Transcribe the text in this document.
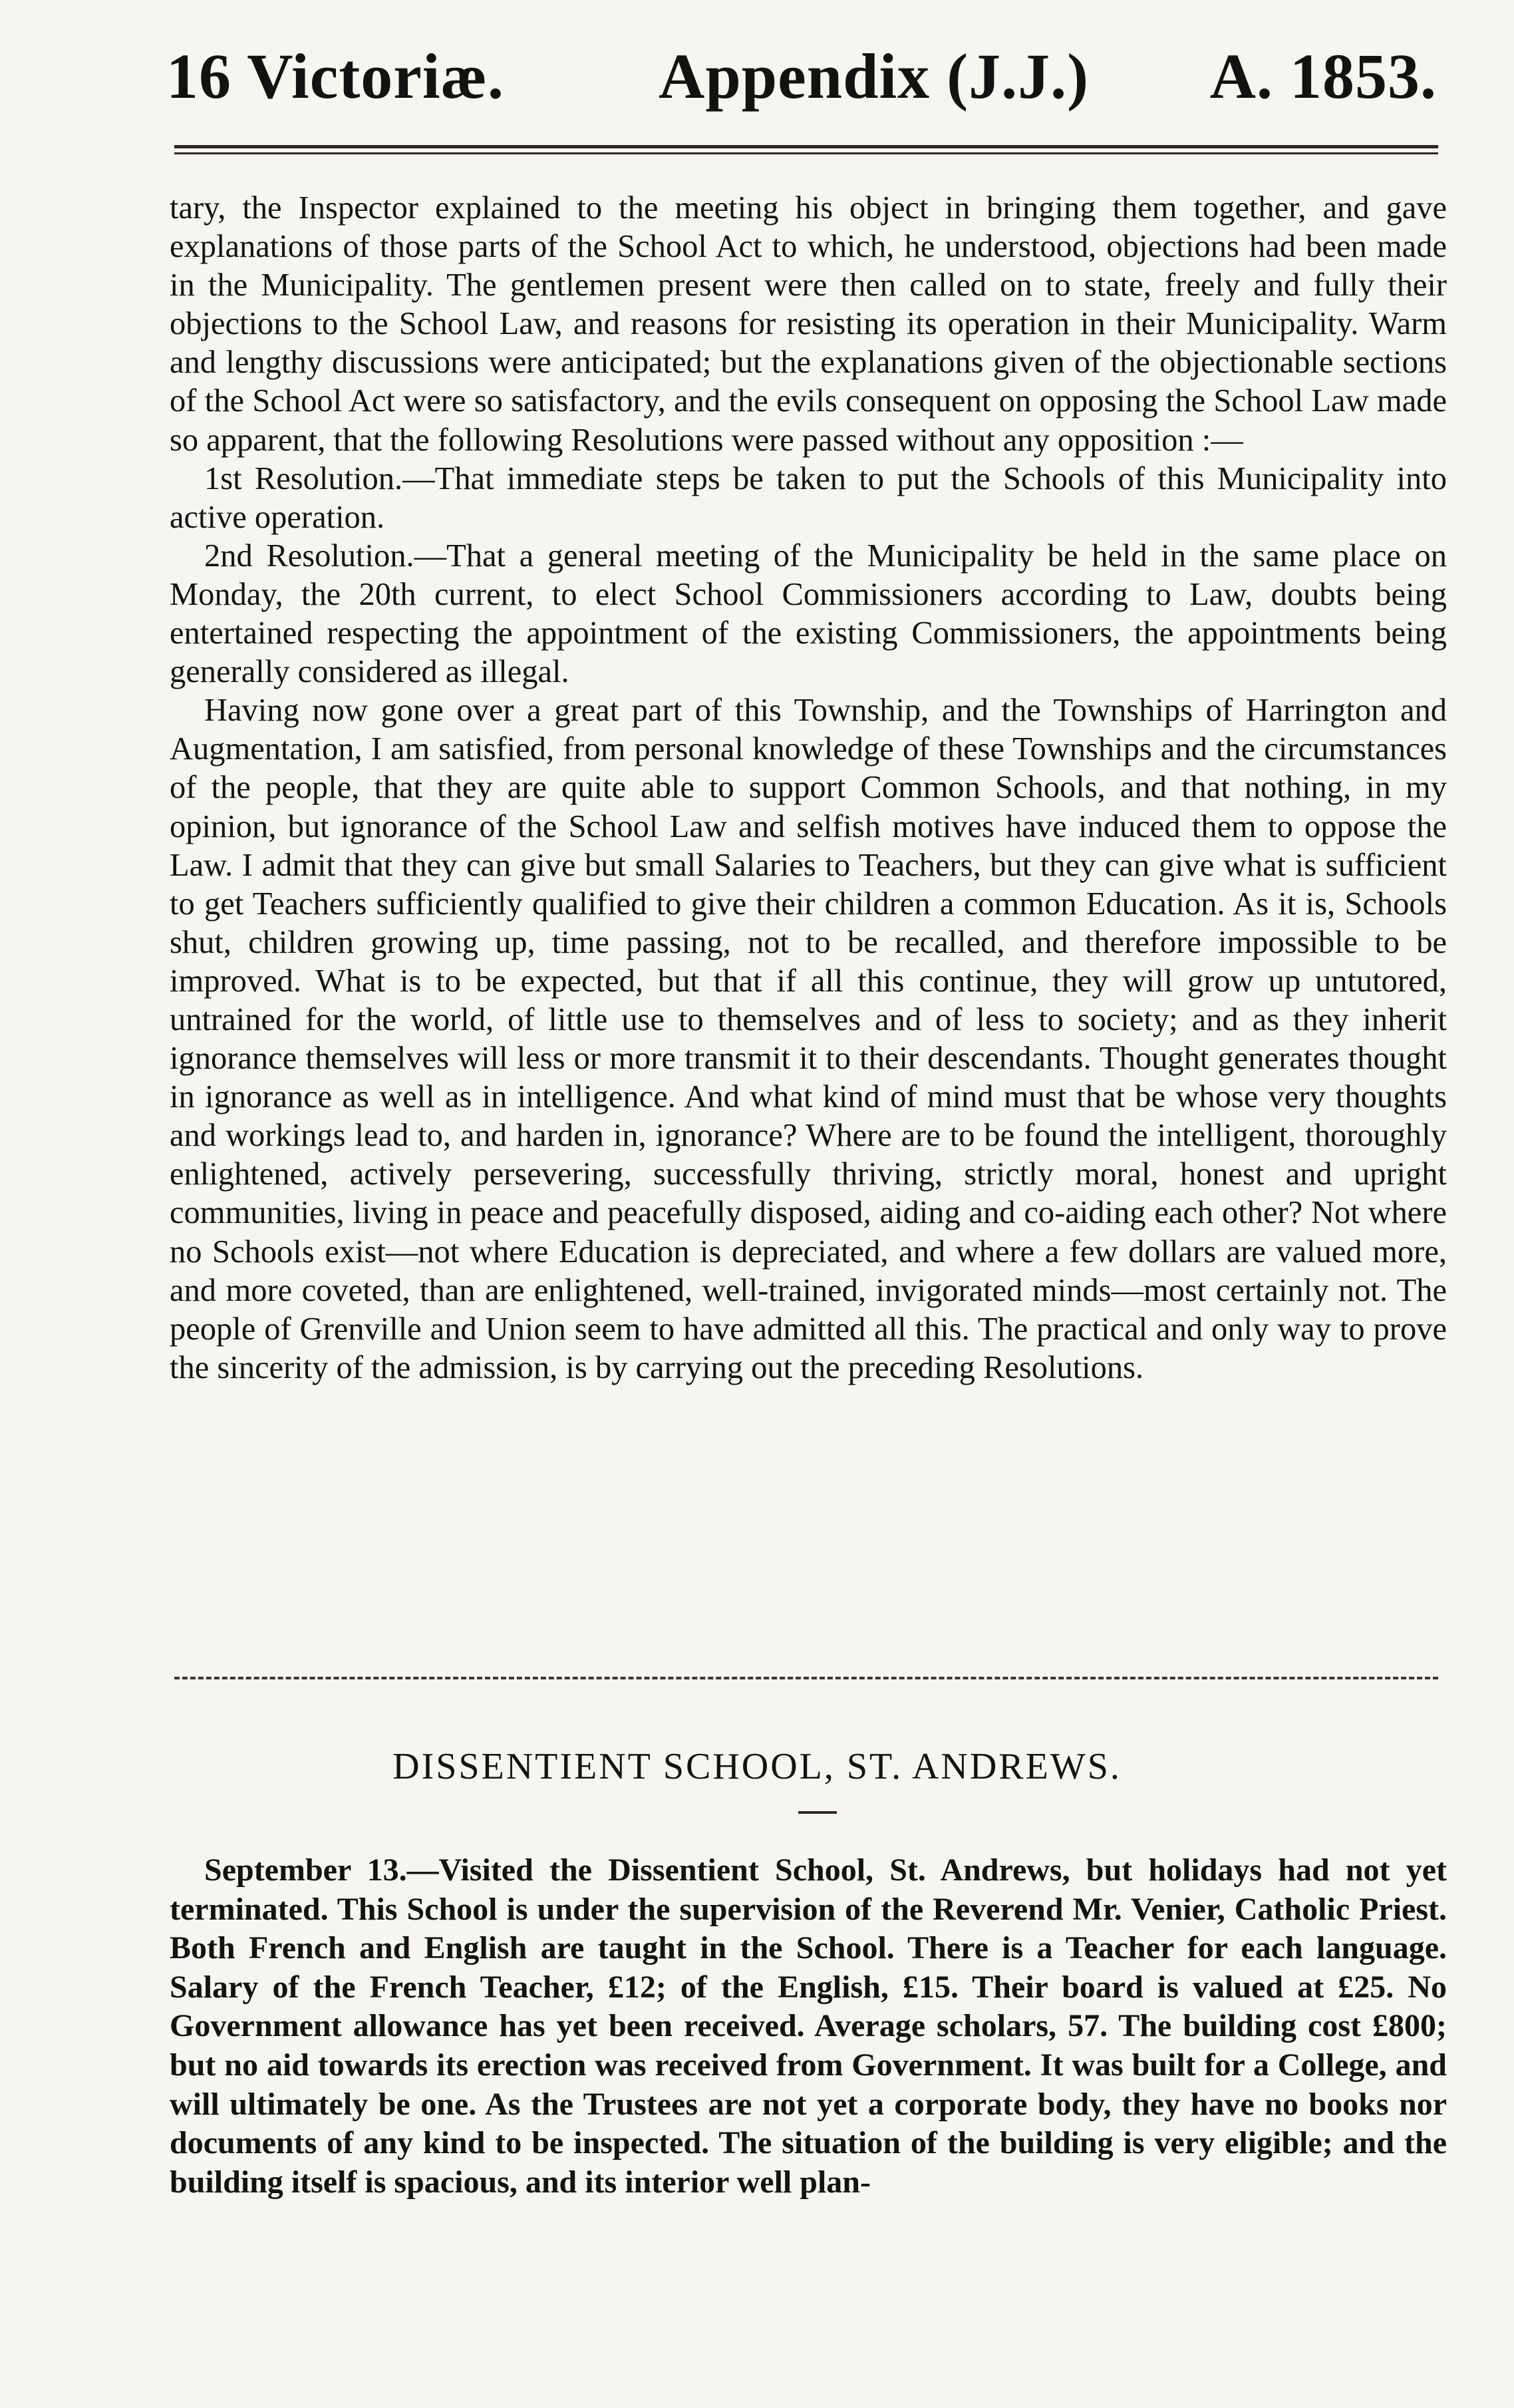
16 Victoriæ. Appendix (J.J.) A. 1853.

tary, the Inspector explained to the meeting his object in bringing them together, and gave explanations of those parts of the School Act to which, he understood, objections had been made in the Municipality. The gentlemen present were then called on to state, freely and fully their objections to the School Law, and reasons for resisting its operation in their Municipality. Warm and lengthy discussions were anticipated; but the explanations given of the objectionable sections of the School Act were so satisfactory, and the evils consequent on opposing the School Law made so apparent, that the following Resolutions were passed without any opposition :—

1st Resolution.—That immediate steps be taken to put the Schools of this Municipality into active operation.

2nd Resolution.—That a general meeting of the Municipality be held in the same place on Monday, the 20th current, to elect School Commissioners according to Law, doubts being entertained respecting the appointment of the existing Commissioners, the appointments being generally considered as illegal.

Having now gone over a great part of this Township, and the Townships of Harrington and Augmentation, I am satisfied, from personal knowledge of these Townships and the circumstances of the people, that they are quite able to support Common Schools, and that nothing, in my opinion, but ignorance of the School Law and selfish motives have induced them to oppose the Law. I admit that they can give but small Salaries to Teachers, but they can give what is sufficient to get Teachers sufficiently qualified to give their children a common Education. As it is, Schools shut, children growing up, time passing, not to be recalled, and therefore impossible to be improved. What is to be expected, but that if all this continue, they will grow up untutored, untrained for the world, of little use to themselves and of less to society; and as they inherit ignorance themselves will less or more transmit it to their descendants. Thought generates thought in ignorance as well as in intelligence. And what kind of mind must that be whose very thoughts and workings lead to, and harden in, ignorance? Where are to be found the intelligent, thoroughly enlightened, actively persevering, successfully thriving, strictly moral, honest and upright communities, living in peace and peacefully disposed, aiding and co-aiding each other? Not where no Schools exist—not where Education is depreciated, and where a few dollars are valued more, and more coveted, than are enlightened, well-trained, invigorated minds—most certainly not. The people of Grenville and Union seem to have admitted all this. The practical and only way to prove the sincerity of the admission, is by carrying out the preceding Resolutions.

DISSENTIENT SCHOOL, ST. ANDREWS.

September 13.—Visited the Dissentient School, St. Andrews, but holidays had not yet terminated. This School is under the supervision of the Reverend Mr. Venier, Catholic Priest. Both French and English are taught in the School. There is a Teacher for each language. Salary of the French Teacher, £12; of the English, £15. Their board is valued at £25. No Government allowance has yet been received. Average scholars, 57. The building cost £800; but no aid towards its erection was received from Government. It was built for a College, and will ultimately be one. As the Trustees are not yet a corporate body, they have no books nor documents of any kind to be inspected. The situation of the building is very eligible; and the building itself is spacious, and its interior well plan-
